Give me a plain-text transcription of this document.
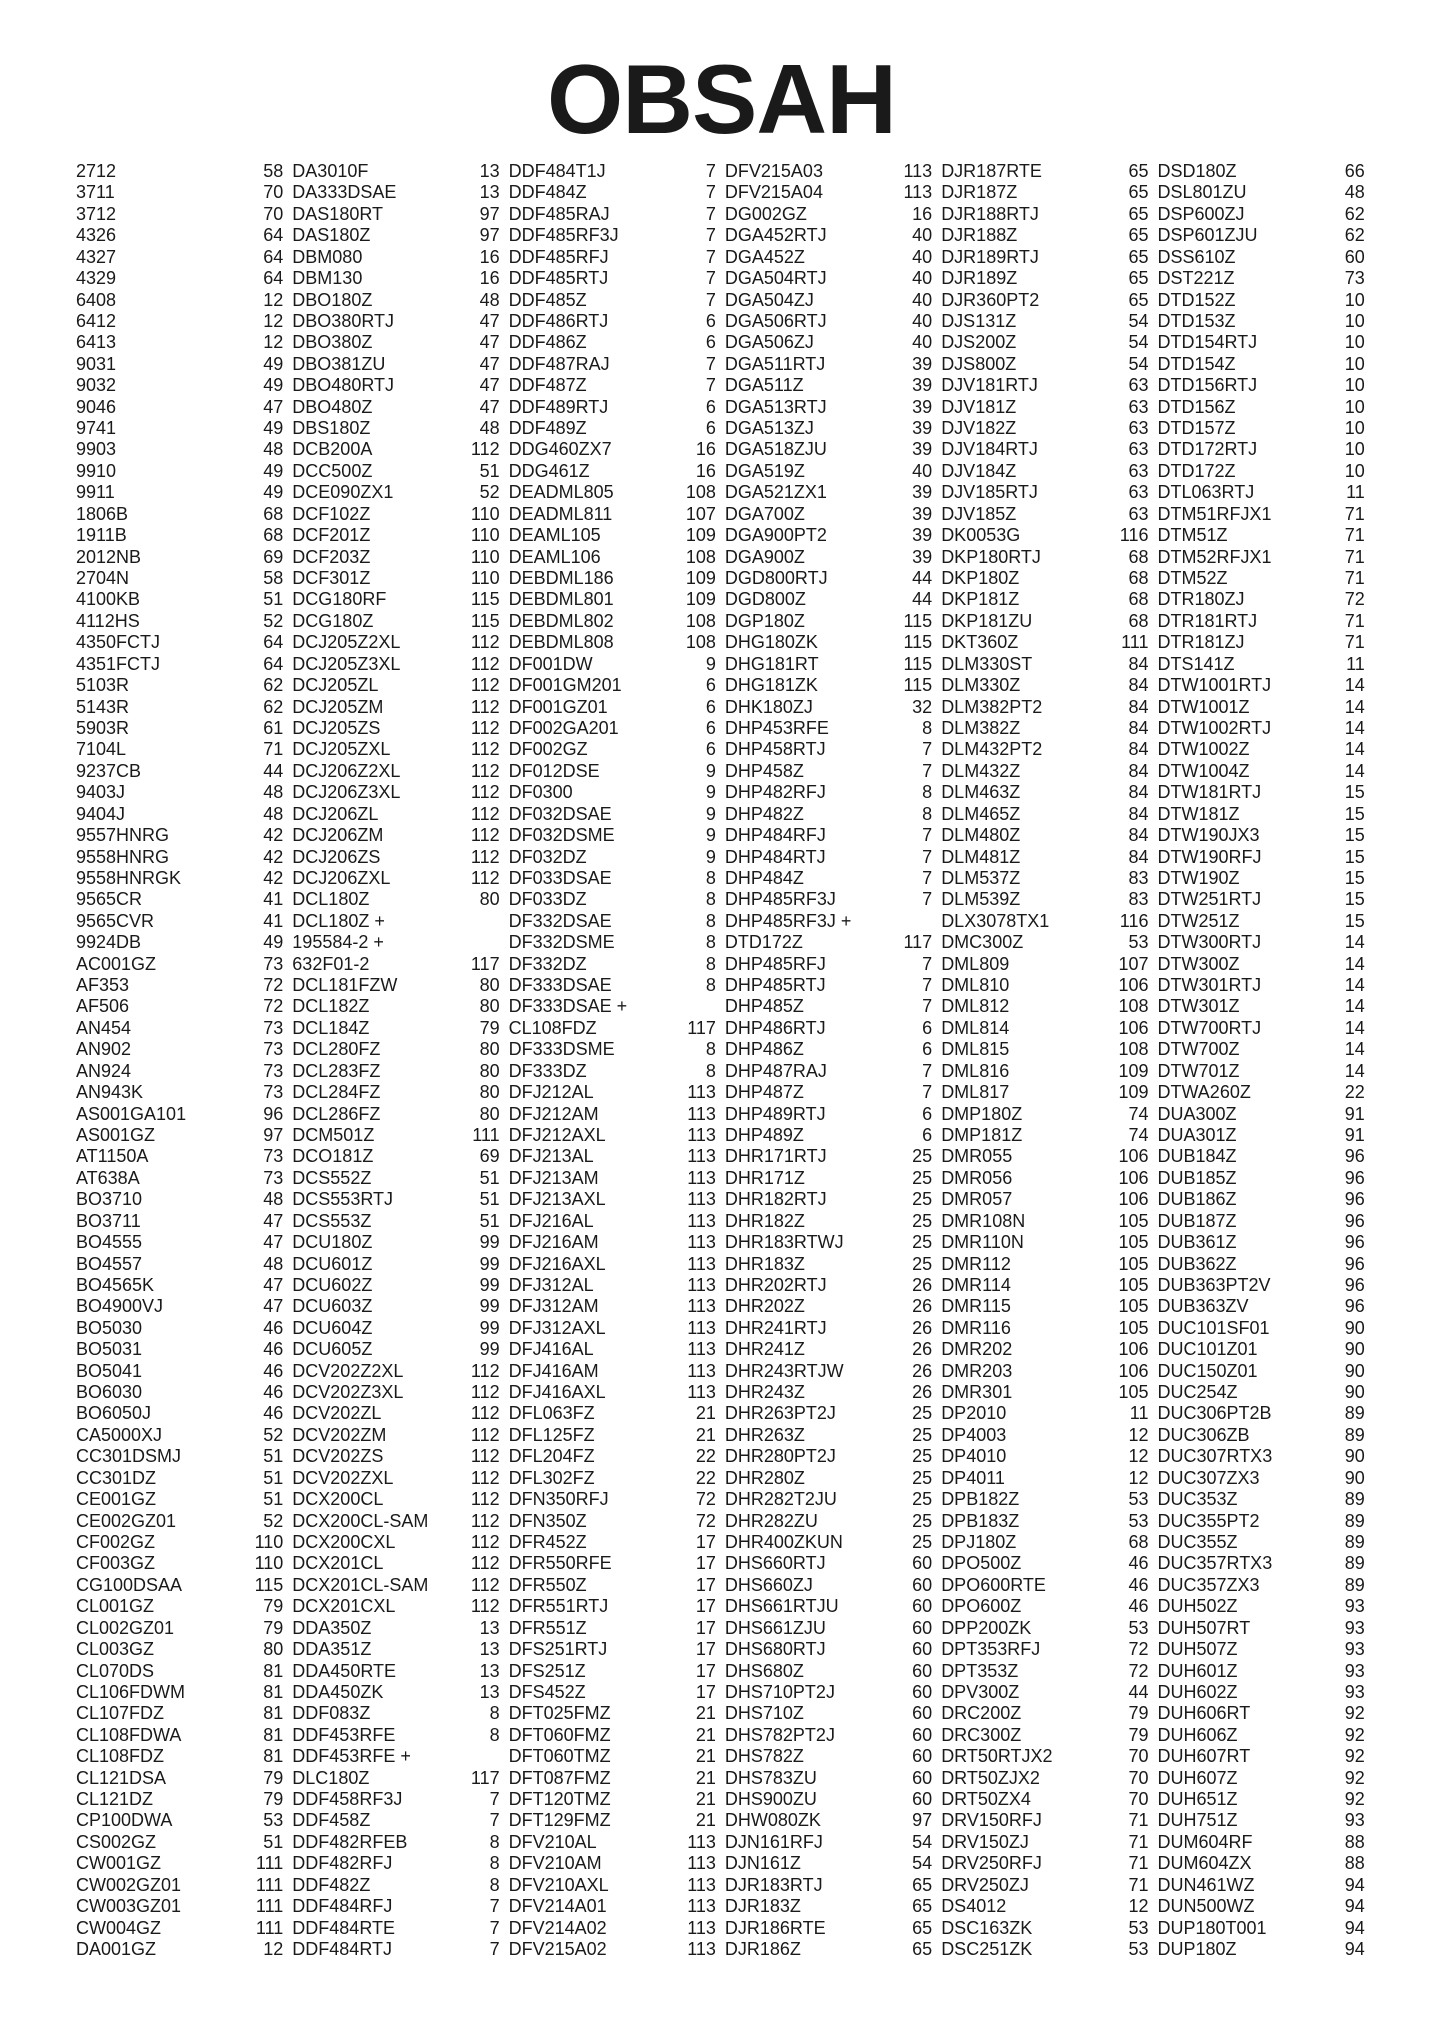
OBSAH
2712	58
3711	70
3712	70
4326	64
4327	64
4329	64
6408	12
6412	12
6413	12
9031	49
9032	49
9046	47
9741	49
9903	48
9910	49
9911	49
1806B	68
1911B	68
2012NB	69
2704N	58
4100KB	51
4112HS	52
4350FCTJ	64
4351FCTJ	64
5103R	62
5143R	62
5903R	61
7104L	71
9237CB	44
9403J	48
9404J	48
9557HNRG	42
9558HNRG	42
9558HNRGK	42
9565CR	41
9565CVR	41
9924DB	49
AC001GZ	73
AF353	72
AF506	72
AN454	73
AN902	73
AN924	73
AN943K	73
AS001GA101	96
AS001GZ	97
AT1150A	73
AT638A	73
BO3710	48
BO3711	47
BO4555	47
BO4557	48
BO4565K	47
BO4900VJ	47
BO5030	46
BO5031	46
BO5041	46
BO6030	46
BO6050J	46
CA5000XJ	52
CC301DSMJ	51
CC301DZ	51
CE001GZ	51
CE002GZ01	52
CF002GZ	110
CF003GZ	110
CG100DSAA	115
CL001GZ	79
CL002GZ01	79
CL003GZ	80
CL070DS	81
CL106FDWM	81
CL107FDZ	81
CL108FDWA	81
CL108FDZ	81
CL121DSA	79
CL121DZ	79
CP100DWA	53
CS002GZ	51
CW001GZ	111
CW002GZ01	111
CW003GZ01	111
CW004GZ	111
DA001GZ	12
DA3010F	13
DA333DSAE	13
DAS180RT	97
DAS180Z	97
DBM080	16
DBM130	16
DBO180Z	48
DBO380RTJ	47
DBO380Z	47
DBO381ZU	47
DBO480RTJ	47
DBO480Z	47
DBS180Z	48
DCB200A	112
DCC500Z	51
DCE090ZX1	52
DCF102Z	110
DCF201Z	110
DCF203Z	110
DCF301Z	110
DCG180RF	115
DCG180Z	115
DCJ205Z2XL	112
DCJ205Z3XL	112
DCJ205ZL	112
DCJ205ZM	112
DCJ205ZS	112
DCJ205ZXL	112
DCJ206Z2XL	112
DCJ206Z3XL	112
DCJ206ZL	112
DCJ206ZM	112
DCJ206ZS	112
DCJ206ZXL	112
DCL180Z	80
DCL180Z +
195584-2 +
632F01-2	117
DCL181FZW	80
DCL182Z	80
DCL184Z	79
DCL280FZ	80
DCL283FZ	80
DCL284FZ	80
DCL286FZ	80
DCM501Z	111
DCO181Z	69
DCS552Z	51
DCS553RTJ	51
DCS553Z	51
DCU180Z	99
DCU601Z	99
DCU602Z	99
DCU603Z	99
DCU604Z	99
DCU605Z	99
DCV202Z2XL	112
DCV202Z3XL	112
DCV202ZL	112
DCV202ZM	112
DCV202ZS	112
DCV202ZXL	112
DCX200CL	112
DCX200CL-SAM	112
DCX200CXL	112
DCX201CL	112
DCX201CL-SAM	112
DCX201CXL	112
DDA350Z	13
DDA351Z	13
DDA450RTE	13
DDA450ZK	13
DDF083Z	8
DDF453RFE	8
DDF453RFE +
DLC180Z	117
DDF458RF3J	7
DDF458Z	7
DDF482RFEB	8
DDF482RFJ	8
DDF482Z	8
DDF484RFJ	7
DDF484RTE	7
DDF484RTJ	7
DDF484T1J	7
DDF484Z	7
DDF485RAJ	7
DDF485RF3J	7
DDF485RFJ	7
DDF485RTJ	7
DDF485Z	7
DDF486RTJ	6
DDF486Z	6
DDF487RAJ	7
DDF487Z	7
DDF489RTJ	6
DDF489Z	6
DDG460ZX7	16
DDG461Z	16
DEADML805	108
DEADML811	107
DEAML105	109
DEAML106	108
DEBDML186	109
DEBDML801	109
DEBDML802	108
DEBDML808	108
DF001DW	9
DF001GM201	6
DF001GZ01	6
DF002GA201	6
DF002GZ	6
DF012DSE	9
DF0300	9
DF032DSAE	9
DF032DSME	9
DF032DZ	9
DF033DSAE	8
DF033DZ	8
DF332DSAE	8
DF332DSME	8
DF332DZ	8
DF333DSAE	8
DF333DSAE +
CL108FDZ	117
DF333DSME	8
DF333DZ	8
DFJ212AL	113
DFJ212AM	113
DFJ212AXL	113
DFJ213AL	113
DFJ213AM	113
DFJ213AXL	113
DFJ216AL	113
DFJ216AM	113
DFJ216AXL	113
DFJ312AL	113
DFJ312AM	113
DFJ312AXL	113
DFJ416AL	113
DFJ416AM	113
DFJ416AXL	113
DFL063FZ	21
DFL125FZ	21
DFL204FZ	22
DFL302FZ	22
DFN350RFJ	72
DFN350Z	72
DFR452Z	17
DFR550RFE	17
DFR550Z	17
DFR551RTJ	17
DFR551Z	17
DFS251RTJ	17
DFS251Z	17
DFS452Z	17
DFT025FMZ	21
DFT060FMZ	21
DFT060TMZ	21
DFT087FMZ	21
DFT120TMZ	21
DFT129FMZ	21
DFV210AL	113
DFV210AM	113
DFV210AXL	113
DFV214A01	113
DFV214A02	113
DFV215A02	113
DFV215A03	113
DFV215A04	113
DG002GZ	16
DGA452RTJ	40
DGA452Z	40
DGA504RTJ	40
DGA504ZJ	40
DGA506RTJ	40
DGA506ZJ	40
DGA511RTJ	39
DGA511Z	39
DGA513RTJ	39
DGA513ZJ	39
DGA518ZJU	39
DGA519Z	40
DGA521ZX1	39
DGA700Z	39
DGA900PT2	39
DGA900Z	39
DGD800RTJ	44
DGD800Z	44
DGP180Z	115
DHG180ZK	115
DHG181RT	115
DHG181ZK	115
DHK180ZJ	32
DHP453RFE	8
DHP458RTJ	7
DHP458Z	7
DHP482RFJ	8
DHP482Z	8
DHP484RFJ	7
DHP484RTJ	7
DHP484Z	7
DHP485RF3J	7
DHP485RF3J +
DTD172Z	117
DHP485RFJ	7
DHP485RTJ	7
DHP485Z	7
DHP486RTJ	6
DHP486Z	6
DHP487RAJ	7
DHP487Z	7
DHP489RTJ	6
DHP489Z	6
DHR171RTJ	25
DHR171Z	25
DHR182RTJ	25
DHR182Z	25
DHR183RTWJ	25
DHR183Z	25
DHR202RTJ	26
DHR202Z	26
DHR241RTJ	26
DHR241Z	26
DHR243RTJW	26
DHR243Z	26
DHR263PT2J	25
DHR263Z	25
DHR280PT2J	25
DHR280Z	25
DHR282T2JU	25
DHR282ZU	25
DHR400ZKUN	25
DHS660RTJ	60
DHS660ZJ	60
DHS661RTJU	60
DHS661ZJU	60
DHS680RTJ	60
DHS680Z	60
DHS710PT2J	60
DHS710Z	60
DHS782PT2J	60
DHS782Z	60
DHS783ZU	60
DHS900ZU	60
DHW080ZK	97
DJN161RFJ	54
DJN161Z	54
DJR183RTJ	65
DJR183Z	65
DJR186RTE	65
DJR186Z	65
DJR187RTE	65
DJR187Z	65
DJR188RTJ	65
DJR188Z	65
DJR189RTJ	65
DJR189Z	65
DJR360PT2	65
DJS131Z	54
DJS200Z	54
DJS800Z	54
DJV181RTJ	63
DJV181Z	63
DJV182Z	63
DJV184RTJ	63
DJV184Z	63
DJV185RTJ	63
DJV185Z	63
DK0053G	116
DKP180RTJ	68
DKP180Z	68
DKP181Z	68
DKP181ZU	68
DKT360Z	111
DLM330ST	84
DLM330Z	84
DLM382PT2	84
DLM382Z	84
DLM432PT2	84
DLM432Z	84
DLM463Z	84
DLM465Z	84
DLM480Z	84
DLM481Z	84
DLM537Z	83
DLM539Z	83
DLX3078TX1	116
DMC300Z	53
DML809	107
DML810	106
DML812	108
DML814	106
DML815	108
DML816	109
DML817	109
DMP180Z	74
DMP181Z	74
DMR055	106
DMR056	106
DMR057	106
DMR108N	105
DMR110N	105
DMR112	105
DMR114	105
DMR115	105
DMR116	105
DMR202	106
DMR203	106
DMR301	105
DP2010	11
DP4003	12
DP4010	12
DP4011	12
DPB182Z	53
DPB183Z	53
DPJ180Z	68
DPO500Z	46
DPO600RTE	46
DPO600Z	46
DPP200ZK	53
DPT353RFJ	72
DPT353Z	72
DPV300Z	44
DRC200Z	79
DRC300Z	79
DRT50RTJX2	70
DRT50ZJX2	70
DRT50ZX4	70
DRV150RFJ	71
DRV150ZJ	71
DRV250RFJ	71
DRV250ZJ	71
DS4012	12
DSC163ZK	53
DSC251ZK	53
DSD180Z	66
DSL801ZU	48
DSP600ZJ	62
DSP601ZJU	62
DSS610Z	60
DST221Z	73
DTD152Z	10
DTD153Z	10
DTD154RTJ	10
DTD154Z	10
DTD156RTJ	10
DTD156Z	10
DTD157Z	10
DTD172RTJ	10
DTD172Z	10
DTL063RTJ	11
DTM51RFJX1	71
DTM51Z	71
DTM52RFJX1	71
DTM52Z	71
DTR180ZJ	72
DTR181RTJ	71
DTR181ZJ	71
DTS141Z	11
DTW1001RTJ	14
DTW1001Z	14
DTW1002RTJ	14
DTW1002Z	14
DTW1004Z	14
DTW181RTJ	15
DTW181Z	15
DTW190JX3	15
DTW190RFJ	15
DTW190Z	15
DTW251RTJ	15
DTW251Z	15
DTW300RTJ	14
DTW300Z	14
DTW301RTJ	14
DTW301Z	14
DTW700RTJ	14
DTW700Z	14
DTW701Z	14
DTWA260Z	22
DUA300Z	91
DUA301Z	91
DUB184Z	96
DUB185Z	96
DUB186Z	96
DUB187Z	96
DUB361Z	96
DUB362Z	96
DUB363PT2V	96
DUB363ZV	96
DUC101SF01	90
DUC101Z01	90
DUC150Z01	90
DUC254Z	90
DUC306PT2B	89
DUC306ZB	89
DUC307RTX3	90
DUC307ZX3	90
DUC353Z	89
DUC355PT2	89
DUC355Z	89
DUC357RTX3	89
DUC357ZX3	89
DUH502Z	93
DUH507RT	93
DUH507Z	93
DUH601Z	93
DUH602Z	93
DUH606RT	92
DUH606Z	92
DUH607RT	92
DUH607Z	92
DUH651Z	92
DUH751Z	93
DUM604RF	88
DUM604ZX	88
DUN461WZ	94
DUN500WZ	94
DUP180T001	94
DUP180Z	94
